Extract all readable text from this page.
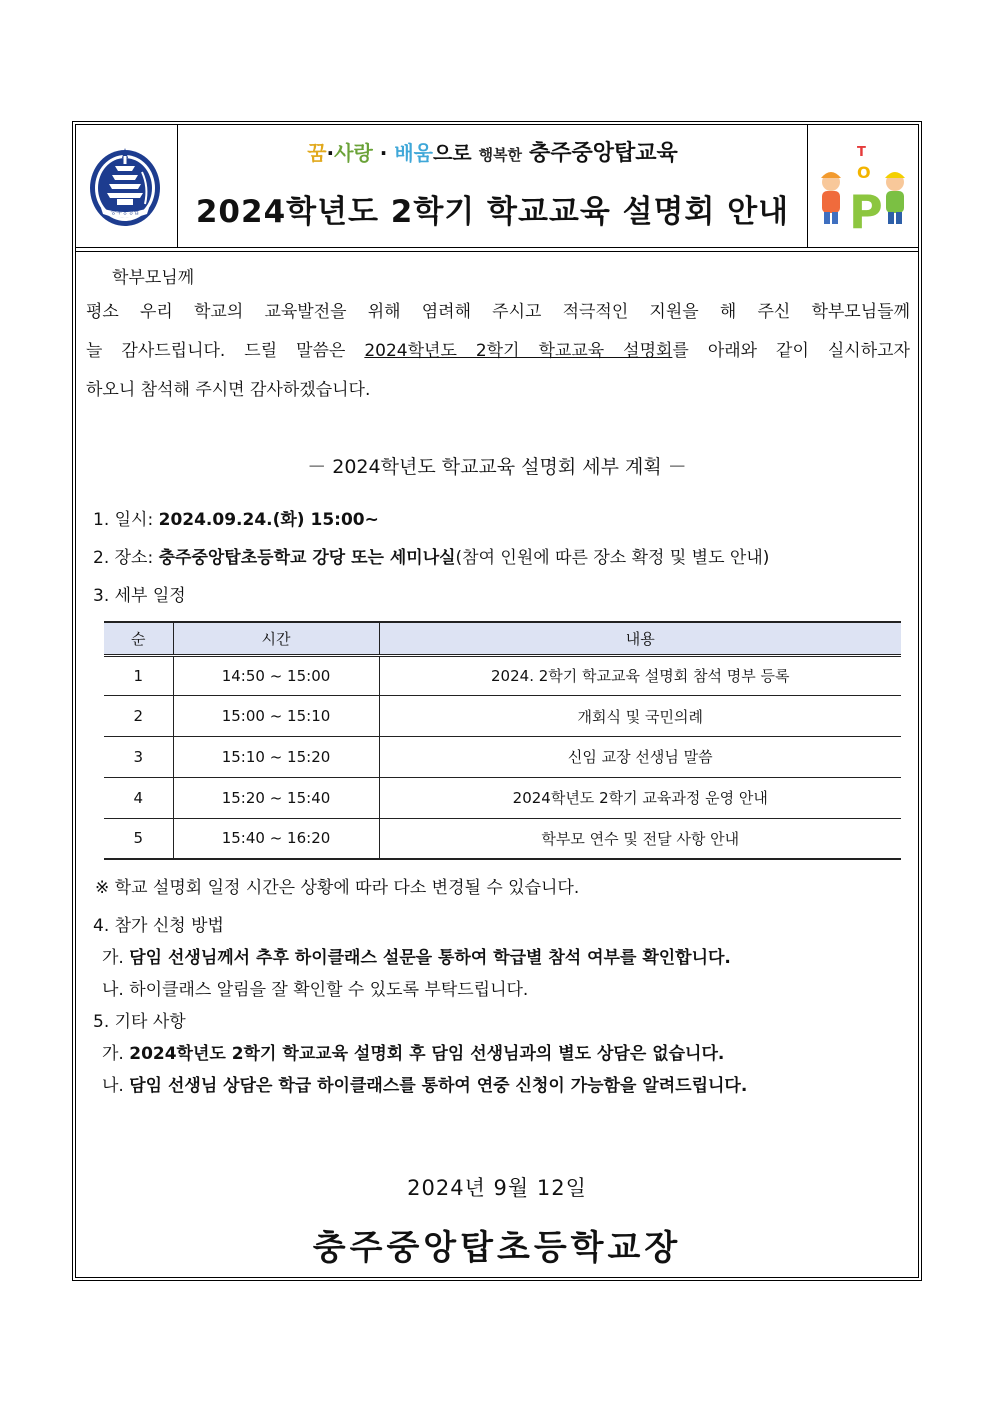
충주중앙탑
꿈·사랑 · 배움으로 행복한 충주중앙탑교육
2024학년도 2학기 학교교육 설명회 안내
T
O
P
학부모님께
평소 우리 학교의 교육발전을 위해 염려해 주시고 적극적인 지원을 해 주신 학부모님들께
늘 감사드립니다. 드릴 말씀은 2024학년도 2학기 학교교육 설명회를 아래와 같이 실시하고자
하오니 참석해 주시면 감사하겠습니다.
－ 2024학년도 학교교육 설명회 세부 계획 －
1. 일시: 2024.09.24.(화) 15:00~
2. 장소: 충주중앙탑초등학교 강당 또는 세미나실(참여 인원에 따른 장소 확정 및 별도 안내)
3. 세부 일정
순	시간	내용
1	14:50 ~ 15:00	2024. 2학기 학교교육 설명회 참석 명부 등록
2	15:00 ~ 15:10	개회식 및 국민의례
3	15:10 ~ 15:20	신임 교장 선생님 말씀
4	15:20 ~ 15:40	2024학년도 2학기 교육과정 운영 안내
5	15:40 ~ 16:20	학부모 연수 및 전달 사항 안내
※ 학교 설명회 일정 시간은 상황에 따라 다소 변경될 수 있습니다.
4. 참가 신청 방법
가. 담임 선생님께서 추후 하이클래스 설문을 통하여 학급별 참석 여부를 확인합니다.
나. 하이클래스 알림을 잘 확인할 수 있도록 부탁드립니다.
5. 기타 사항
가. 2024학년도 2학기 학교교육 설명회 후 담임 선생님과의 별도 상담은 없습니다.
나. 담임 선생님 상담은 학급 하이클래스를 통하여 연중 신청이 가능함을 알려드립니다.
2024년 9월 12일
충주중앙탑초등학교장
